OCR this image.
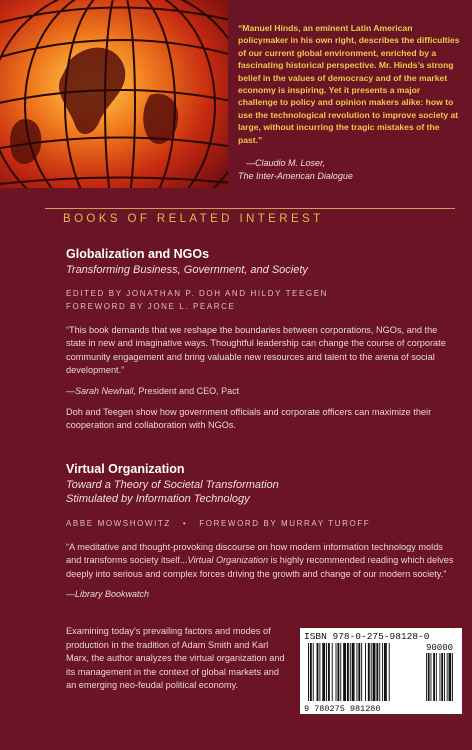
“Manuel Hinds, an eminent Latin American policymaker in his own right, describes the difficulties of our current global environment, enriched by a fascinating historical perspective. Mr. Hinds’s strong belief in the values of democracy and of the market economy is inspiring. Yet it presents a major challenge to policy and opinion makers alike: how to use the technological revolution to improve society at large, without incurring the tragic mistakes of the past.”
—Claudio M. Loser,
The Inter-American Dialogue
BOOKS OF RELATED INTEREST
Globalization and NGOs
Transforming Business, Government, and Society
EDITED BY JONATHAN P. DOH AND HILDY TEEGEN
FOREWORD BY JONE L. PEARCE
“This book demands that we reshape the boundaries between corporations, NGOs, and the state in new and imaginative ways. Thoughtful leadership can change the course of corporate community engagement and bring valuable new resources and talent to the arena of social development.”
—Sarah Newhall, President and CEO, Pact
Doh and Teegen show how government officials and corporate officers can maximize their cooperation and collaboration with NGOs.
Virtual Organization
Toward a Theory of Societal Transformation
Stimulated by Information Technology
ABBE MOWSHOWITZ • FOREWORD BY MURRAY TUROFF
“A meditative and thought-provoking discourse on how modern information technology molds and transforms society itself...Virtual Organization is highly recommended reading which delves deeply into serious and complex forces driving the growth and change of our modern society.”
—Library Bookwatch
Examining today’s prevailing factors and modes of production in the tradition of Adam Smith and Karl Marx, the author analyzes the virtual organization and its management in the context of global markets and an emerging neo-feudal political economy.
ISBN 978-0-275-98128-0
90000
9 780275 981280
